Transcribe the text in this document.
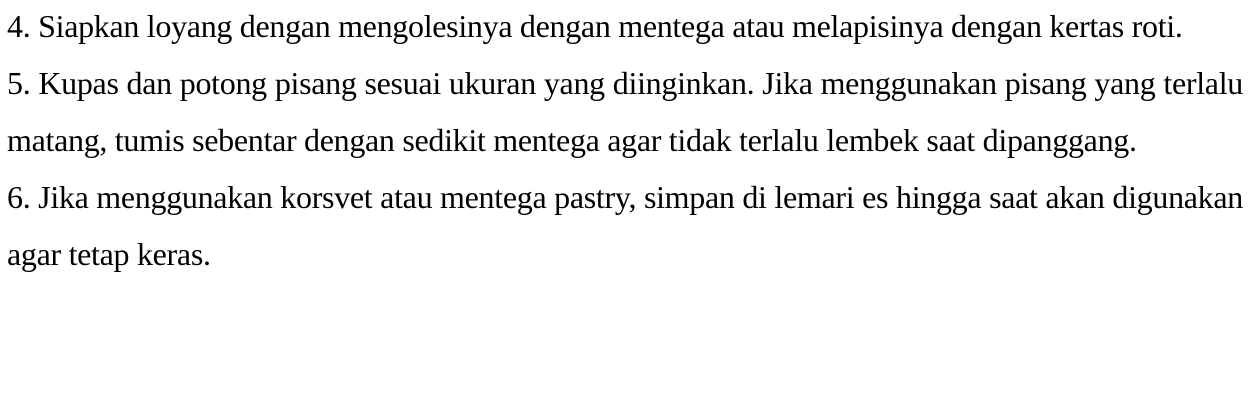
4. Siapkan loyang dengan mengolesinya dengan mentega atau melapisinya dengan kertas roti.

5. Kupas dan potong pisang sesuai ukuran yang diinginkan. Jika menggunakan pisang yang terlalu matang, tumis sebentar dengan sedikit mentega agar tidak terlalu lembek saat dipanggang.

6. Jika menggunakan korsvet atau mentega pastry, simpan di lemari es hingga saat akan digunakan agar tetap keras.
